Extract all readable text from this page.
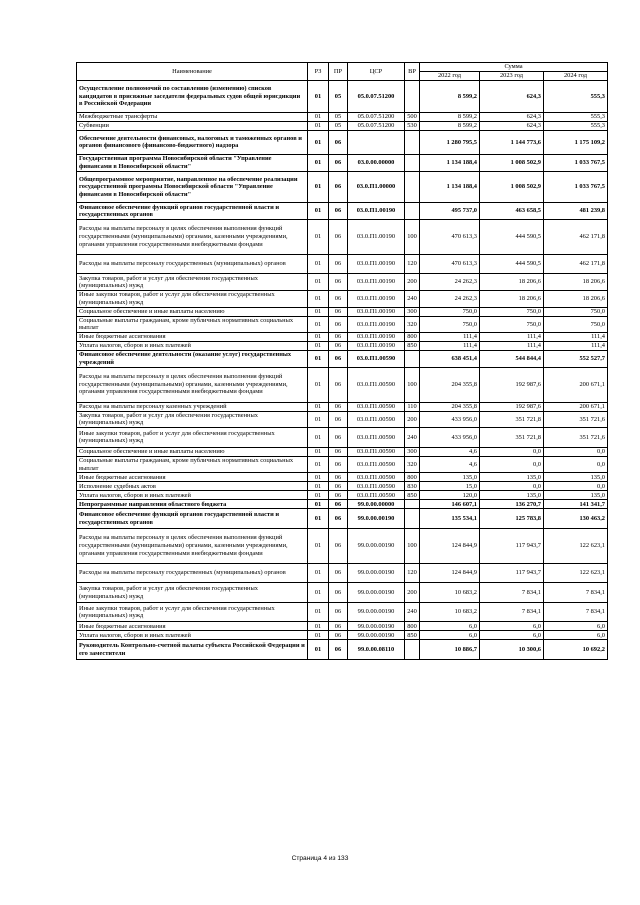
Наименование	РЗ	ПР	ЦСР	ВР	Сумма		
					2022 год	2023 год	2024 год
Осуществление полномочий по составлению (изменению) списков кандидатов в присяжные заседатели федеральных судов общей юрисдикции в Российской Федерации	01	05	05.0.07.51200		8 599,2	624,3	555,3
Межбюджетные трансферты	01	05	05.0.07.51200	500	8 599,2	624,3	555,3
Субвенции	01	05	05.0.07.51200	530	8 599,2	624,3	555,3
Обеспечение деятельности финансовых, налоговых и таможенных органов и органов финансового (финансово-бюджетного) надзора	01	06			1 280 795,5	1 144 773,6	1 175 109,2
Государственная программа Новосибирской области "Управление финансами в Новосибирской области"	01	06	03.0.00.00000		1 134 188,4	1 008 502,9	1 033 767,5
Общепрограммное мероприятие, направленное на обеспечение реализации государственной программы Новосибирской области "Управление финансами в Новосибирской области"	01	06	03.0.П1.00000		1 134 188,4	1 008 502,9	1 033 767,5
Финансовое обеспечение функций органов государственной власти и государственных органов	01	06	03.0.П1.00190		495 737,0	463 658,5	481 239,8
Расходы на выплаты персоналу в целях обеспечения выполнения функций государственными (муниципальными) органами, казенными учреждениями, органами управления государственными внебюджетными фондами	01	06	03.0.П1.00190	100	470 613,3	444 590,5	462 171,8
Расходы на выплаты персоналу государственных (муниципальных) органов	01	06	03.0.П1.00190	120	470 613,3	444 590,5	462 171,8
Закупка товаров, работ и услуг для обеспечения государственных (муниципальных) нужд	01	06	03.0.П1.00190	200	24 262,3	18 206,6	18 206,6
Иные закупки товаров, работ и услуг для обеспечения государственных (муниципальных) нужд	01	06	03.0.П1.00190	240	24 262,3	18 206,6	18 206,6
Социальное обеспечение и иные выплаты населению	01	06	03.0.П1.00190	300	750,0	750,0	750,0
Социальные выплаты гражданам, кроме публичных нормативных социальных выплат	01	06	03.0.П1.00190	320	750,0	750,0	750,0
Иные бюджетные ассигнования	01	06	03.0.П1.00190	800	111,4	111,4	111,4
Уплата налогов, сборов и иных платежей	01	06	03.0.П1.00190	850	111,4	111,4	111,4
Финансовое обеспечение деятельности (оказание услуг) государственных учреждений	01	06	03.0.П1.00590		638 451,4	544 844,4	552 527,7
Расходы на выплаты персоналу в целях обеспечения выполнения функций государственными (муниципальными) органами, казенными учреждениями, органами управления государственными внебюджетными фондами	01	06	03.0.П1.00590	100	204 355,8	192 987,6	200 671,1
Расходы на выплаты персоналу казенных учреждений	01	06	03.0.П1.00590	110	204 355,8	192 987,6	200 671,1
Закупка товаров, работ и услуг для обеспечения государственных (муниципальных) нужд	01	06	03.0.П1.00590	200	433 956,0	351 721,8	351 721,6
Иные закупки товаров, работ и услуг для обеспечения государственных (муниципальных) нужд	01	06	03.0.П1.00590	240	433 956,0	351 721,8	351 721,6
Социальное обеспечение и иные выплаты населению	01	06	03.0.П1.00590	300	4,6	0,0	0,0
Социальные выплаты гражданам, кроме публичных нормативных социальных выплат	01	06	03.0.П1.00590	320	4,6	0,0	0,0
Иные бюджетные ассигнования	01	06	03.0.П1.00590	800	135,0	135,0	135,0
Исполнение судебных актов	01	06	03.0.П1.00590	830	15,0	0,0	0,0
Уплата налогов, сборов и иных платежей	01	06	03.0.П1.00590	850	120,0	135,0	135,0
Непрограммные направления областного бюджета	01	06	99.0.00.00000		146 607,1	136 270,7	141 341,7
Финансовое обеспечение функций органов государственной власти и государственных органов	01	06	99.0.00.00190		135 534,1	125 783,8	130 463,2
Расходы на выплаты персоналу в целях обеспечения выполнения функций государственными (муниципальными) органами, казенными учреждениями, органами управления государственными внебюджетными фондами	01	06	99.0.00.00190	100	124 844,9	117 943,7	122 623,1
Расходы на выплаты персоналу государственных (муниципальных) органов	01	06	99.0.00.00190	120	124 844,9	117 943,7	122 623,1
Закупка товаров, работ и услуг для обеспечения государственных (муниципальных) нужд	01	06	99.0.00.00190	200	10 683,2	7 834,1	7 834,1
Иные закупки товаров, работ и услуг для обеспечения государственных (муниципальных) нужд	01	06	99.0.00.00190	240	10 683,2	7 834,1	7 834,1
Иные бюджетные ассигнования	01	06	99.0.00.00190	800	6,0	6,0	6,0
Уплата налогов, сборов и иных платежей	01	06	99.0.00.00190	850	6,0	6,0	6,0
Руководитель Контрольно-счетной палаты субъекта Российской Федерации и его заместители	01	06	99.0.00.08110		10 886,7	10 300,6	10 692,2
Страница 4 из 133
